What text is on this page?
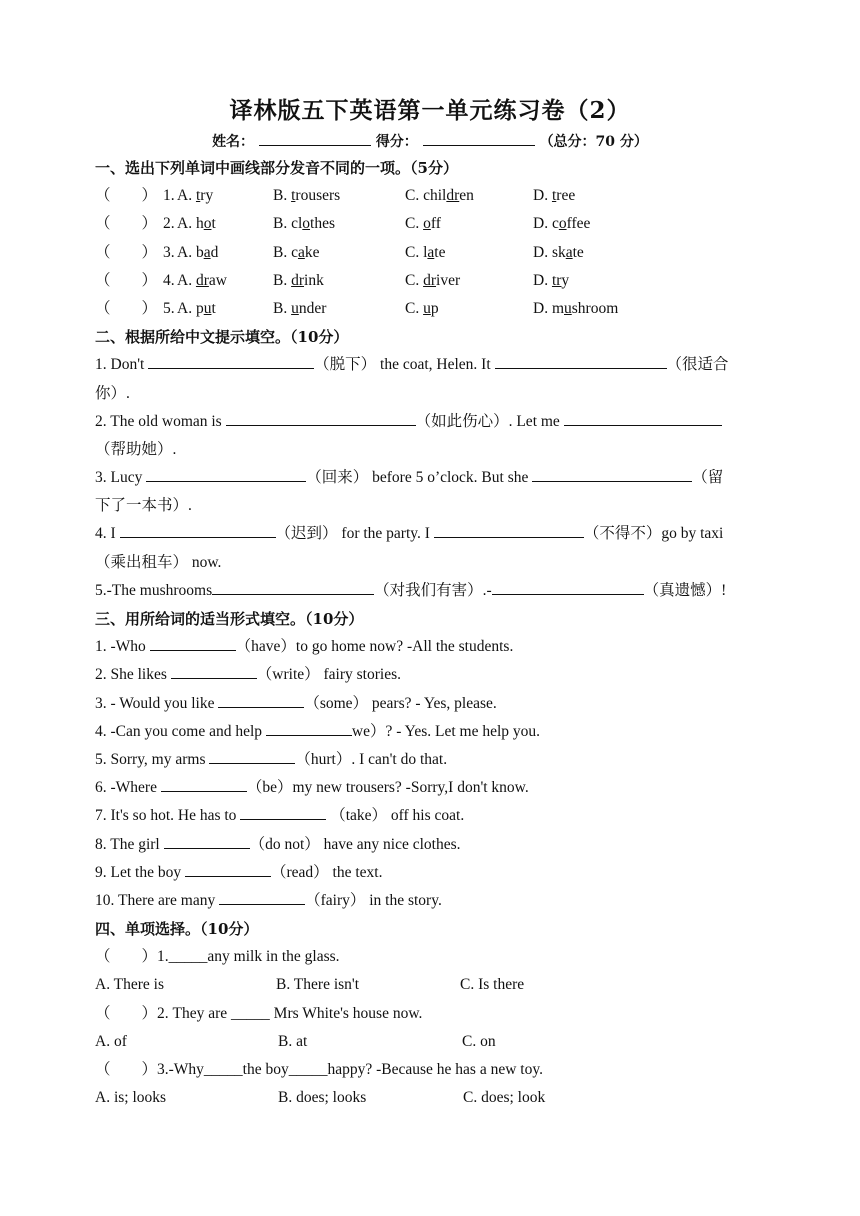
译林版五下英语第一单元练习卷（2）
姓名：	得分：	（总分：70 分）
一、选出下列单词中画线部分发音不同的一项。（5分）
（　　） 1. A. try	B. trousers	C. children	D. tree
（　　） 2. A. hot	B. clothes	C. off	D. coffee
（　　） 3. A. bad	B. cake	C. late	D. skate
（　　） 4. A. draw	B. drink	C. driver	D. try
（　　） 5. A. put	B. under	C. up	D. mushroom
二、根据所给中文提示填空。（10分）
1. Don't	（脱下） the coat, Helen. It	（很适合
你）.
2. The old woman is	（如此伤心）. Let me
（帮助她）.
3. Lucy	（回来） before 5 o’clock. But she	（留
下了一本书）.
4. I	（迟到） for the party. I	（不得不）go by taxi
（乘出租车） now.
5.-The mushrooms	（对我们有害）.-	（真遗憾）!
三、用所给词的适当形式填空。（10分）
1. -Who	（have）to go home now? -All the students.
2. She likes	（write） fairy stories.
3. - Would you like	（some） pears? - Yes, please.
4. -Can you come and help	we）? - Yes. Let me help you.
5. Sorry, my arms	（hurt）. I can't do that.
6. -Where	（be）my new trousers? -Sorry,I don't know.
7. It's so hot. He has to	（take） off his coat.
8. The girl	（do not） have any nice clothes.
9. Let the boy	（read） the text.
10. There are many	（fairy） in the story.
四、单项选择。（10分）
（　　）1._____any milk in the glass.
A. There is	B. There isn't	C. Is there
（　　）2. They are _____ Mrs White's house now.
A. of	B. at	C. on
（　　）3.-Why_____the boy_____happy? -Because he has a new toy.
A. is; looks	B. does; looks	C. does; look
